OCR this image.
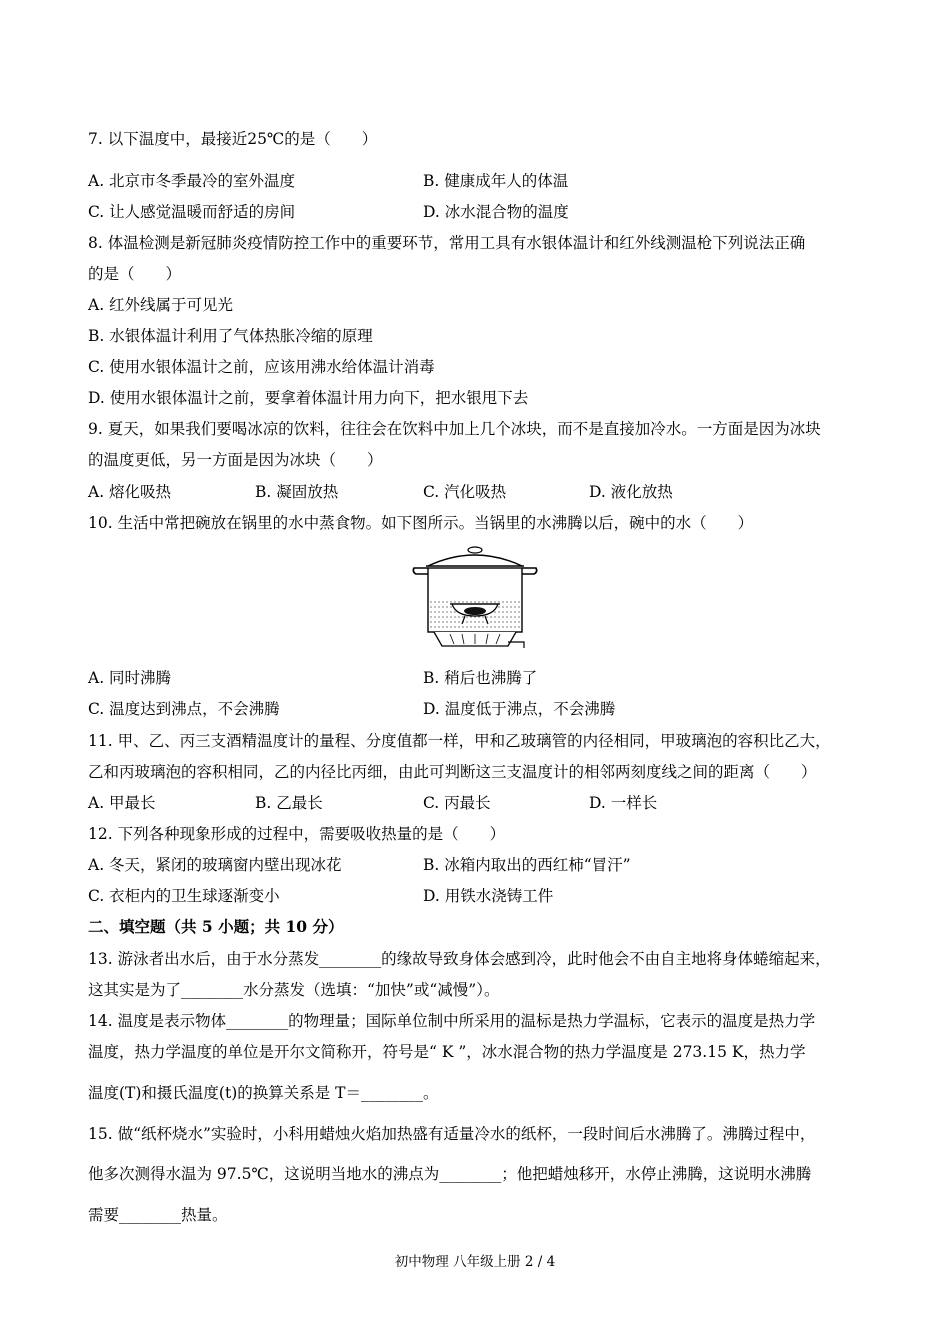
7. 以下温度中，最接近25℃的是（　　）
A. 北京市冬季最冷的室外温度	B. 健康成年人的体温
C. 让人感觉温暖而舒适的房间	D. 冰水混合物的温度
8. 体温检测是新冠肺炎疫情防控工作中的重要环节，常用工具有水银体温计和红外线测温枪下列说法正确
的是（　　）
A. 红外线属于可见光
B. 水银体温计利用了气体热胀冷缩的原理
C. 使用水银体温计之前，应该用沸水给体温计消毒
D. 使用水银体温计之前，要拿着体温计用力向下，把水银甩下去
9. 夏天，如果我们要喝冰凉的饮料，往往会在饮料中加上几个冰块，而不是直接加冷水。一方面是因为冰块
的温度更低，另一方面是因为冰块（　　）
A. 熔化吸热	B. 凝固放热	C. 汽化吸热	D. 液化放热
10. 生活中常把碗放在锅里的水中蒸食物。如下图所示。当锅里的水沸腾以后，碗中的水（　　）
A. 同时沸腾	B. 稍后也沸腾了
C. 温度达到沸点，不会沸腾	D. 温度低于沸点，不会沸腾
11. 甲、乙、丙三支酒精温度计的量程、分度值都一样，甲和乙玻璃管的内径相同，甲玻璃泡的容积比乙大，
乙和丙玻璃泡的容积相同，乙的内径比丙细，由此可判断这三支温度计的相邻两刻度线之间的距离（　　）
A. 甲最长	B. 乙最长	C. 丙最长	D. 一样长
12. 下列各种现象形成的过程中，需要吸收热量的是（　　）
A. 冬天，紧闭的玻璃窗内壁出现冰花	B. 冰箱内取出的西红柿“冒汗”
C. 衣柜内的卫生球逐渐变小	D. 用铁水浇铸工件
二、填空题（共 5 小题；共 10 分）
13. 游泳者出水后，由于水分蒸发________的缘故导致身体会感到冷，此时他会不由自主地将身体蜷缩起来，
这其实是为了________水分蒸发（选填：“加快”或“减慢”）。
14. 温度是表示物体________的物理量；国际单位制中所采用的温标是热力学温标，它表示的温度是热力学
温度，热力学温度的单位是开尔文简称开，符号是“ K ”，冰水混合物的热力学温度是 273.15 K，热力学
温度(T)和摄氏温度(t)的换算关系是 T＝________。
15. 做“纸杯烧水”实验时，小科用蜡烛火焰加热盛有适量冷水的纸杯，一段时间后水沸腾了。沸腾过程中，
他多次测得水温为 97.5℃，这说明当地水的沸点为________；他把蜡烛移开，水停止沸腾，这说明水沸腾
需要________热量。
初中物理 八年级上册 2 / 4
